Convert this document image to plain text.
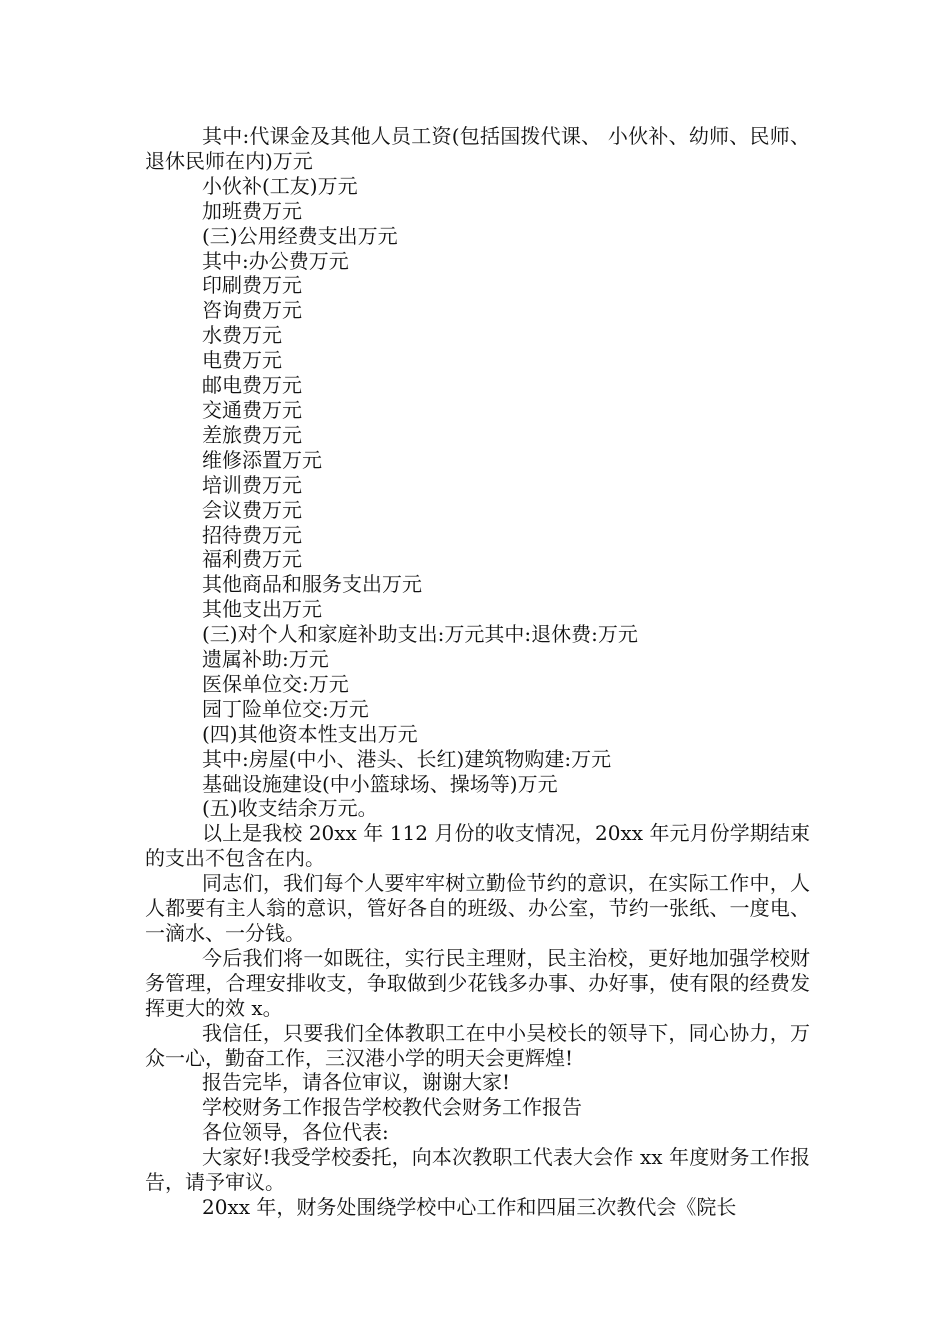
其中:代课金及其他人员工资(包括国拨代课、 小伙补、幼师、民师、退休民师在内)万元

小伙补(工友)万元

加班费万元

(三)公用经费支出万元

其中:办公费万元

印刷费万元

咨询费万元

水费万元

电费万元

邮电费万元

交通费万元

差旅费万元

维修添置万元

培训费万元

会议费万元

招待费万元

福利费万元

其他商品和服务支出万元

其他支出万元

(三)对个人和家庭补助支出:万元其中:退休费:万元

遗属补助:万元

医保单位交:万元

园丁险单位交:万元

(四)其他资本性支出万元

其中:房屋(中小、港头、长红)建筑物购建:万元

基础设施建设(中小篮球场、操场等)万元

(五)收支结余万元。

以上是我校 20xx 年 112 月份的收支情况，20xx 年元月份学期结束的支出不包含在内。

同志们，我们每个人要牢牢树立勤俭节约的意识，在实际工作中，人人都要有主人翁的意识，管好各自的班级、办公室，节约一张纸、一度电、一滴水、一分钱。

今后我们将一如既往，实行民主理财，民主治校，更好地加强学校财务管理，合理安排收支，争取做到少花钱多办事、办好事，使有限的经费发挥更大的效 x。

我信任，只要我们全体教职工在中小吴校长的领导下，同心协力，万众一心，勤奋工作，三汉港小学的明天会更辉煌!

报告完毕，请各位审议，谢谢大家!

学校财务工作报告学校教代会财务工作报告

各位领导，各位代表:

大家好!我受学校委托，向本次教职工代表大会作 xx 年度财务工作报告，请予审议。

20xx 年，财务处围绕学校中心工作和四届三次教代会《院长
